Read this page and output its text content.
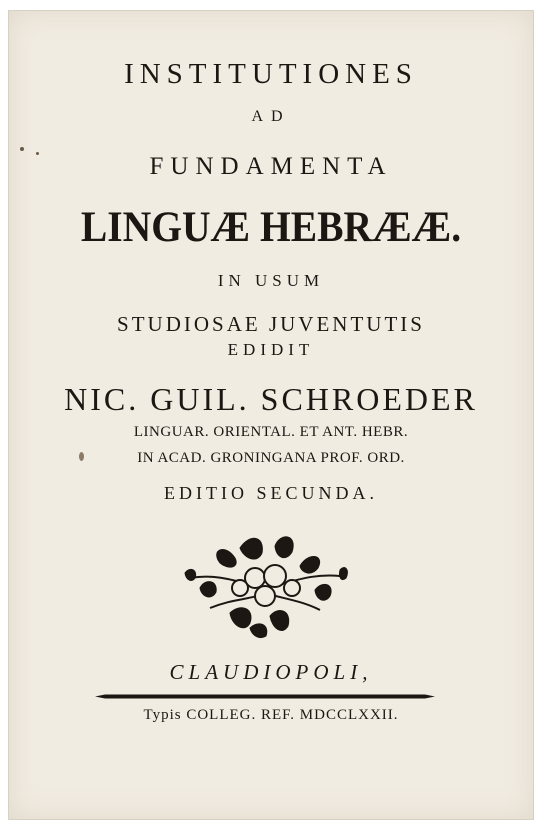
INSTITUTIONES
AD
FUNDAMENTA
LINGUÆ HEBRÆÆ.
IN USUM
STUDIOSAE JUVENTUTIS
EDIDIT
NIC. GUIL. SCHROEDER
LINGUAR. ORIENTAL. ET ANT. HEBR.
IN ACAD. GRONINGANA PROF. ORD.
EDITIO SECUNDA.
CLAUDIOPOLI,
Typis COLLEG. REF. MDCCLXXII.
